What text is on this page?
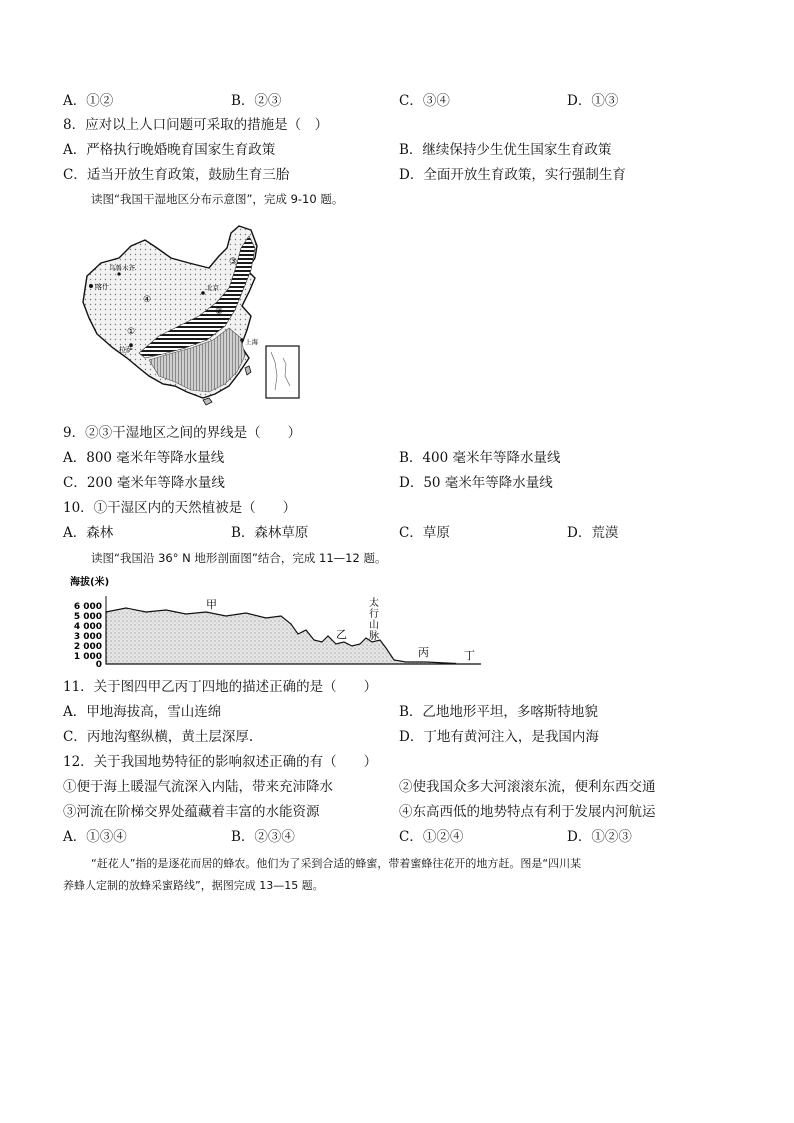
A．①②	B．②③	C．③④	D．①③
8．应对以上人口问题可采取的措施是（　）
A．严格执行晚婚晚育国家生育政策	B．继续保持少生优生国家生育政策
C．适当开放生育政策，鼓励生育三胎	D．全面开放生育政策，实行强制生育
读图“我国干湿地区分布示意图”，完成 9-10 题。
喀什
乌鲁木齐
北京
上海
拉萨
④
③
②
①
9．②③干湿地区之间的界线是（　　）
A．800 毫米年等降水量线	B．400 毫米年等降水量线
C．200 毫米年等降水量线	D．50 毫米年等降水量线
10．①干湿区内的天然植被是（　　）
A．森林	B．森林草原	C．草原	D．荒漠
读图“我国沿 36° N 地形剖面图”结合，完成 11—12 题。
海拔(米)
6 000
5 000
4 000
3 000
2 000
1 000
0
甲
乙
太
行
山
脉
丙	丁
11．关于图四甲乙丙丁四地的描述正确的是（　　）
A．甲地海拔高，雪山连绵	B．乙地地形平坦，多喀斯特地貌
C．丙地沟壑纵横，黄土层深厚.	D．丁地有黄河注入，是我国内海
12．关于我国地势特征的影响叙述正确的有（　　）
①便于海上暖湿气流深入内陆，带来充沛降水	②使我国众多大河滚滚东流，便利东西交通
③河流在阶梯交界处蕴藏着丰富的水能资源	④东高西低的地势特点有利于发展内河航运
A．①③④	B．②③④	C．①②④	D．①②③
“赶花人”指的是逐花而居的蜂农。他们为了采到合适的蜂蜜，带着蜜蜂往花开的地方赶。图是“四川某
养蜂人定制的放蜂采蜜路线”，据图完成 13—15 题。
